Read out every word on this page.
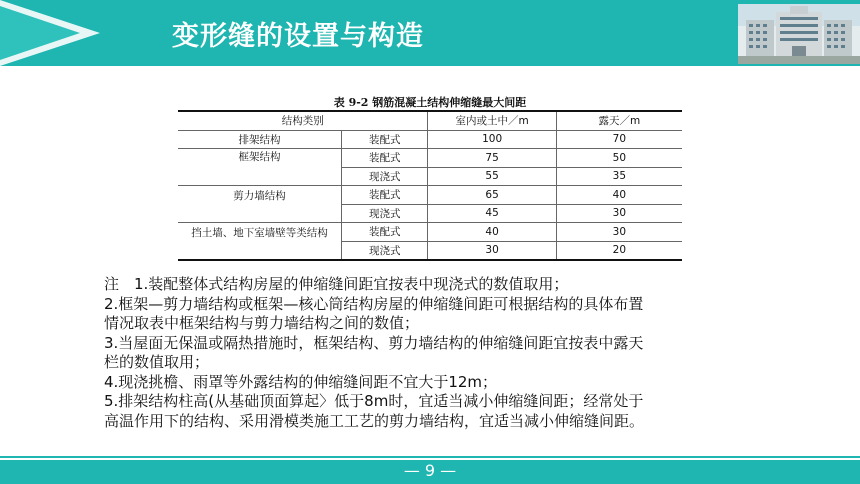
变形缝的设置与构造
表 9-2 钢筋混凝土结构伸缩缝最大间距
结构类别		室内或土中／m	露天／m
排架结构	装配式	100	70
框架结构	装配式	75	50
	现浇式	55	35
剪力墙结构	装配式	65	40
	现浇式	45	30
挡土墙、地下室墙壁等类结构	装配式	40	30
	现浇式	30	20

注　1.装配整体式结构房屋的伸缩缝间距宜按表中现浇式的数值取用；

2.框架—剪力墙结构或框架—核心筒结构房屋的伸缩缝间距可根据结构的具体布置

情况取表中框架结构与剪力墙结构之间的数值；

3.当屋面无保温或隔热措施时，框架结构、剪力墙结构的伸缩缝间距宜按表中露天

栏的数值取用；

4.现浇挑檐、雨罩等外露结构的伸缩缝间距不宜大于12m；

5.排架结构柱高(从基础顶面算起〉低于8m时，宜适当减小伸缩缝间距；经常处于

高温作用下的结构、采用滑模类施工工艺的剪力墙结构，宜适当减小伸缩缝间距。

— 9 —
